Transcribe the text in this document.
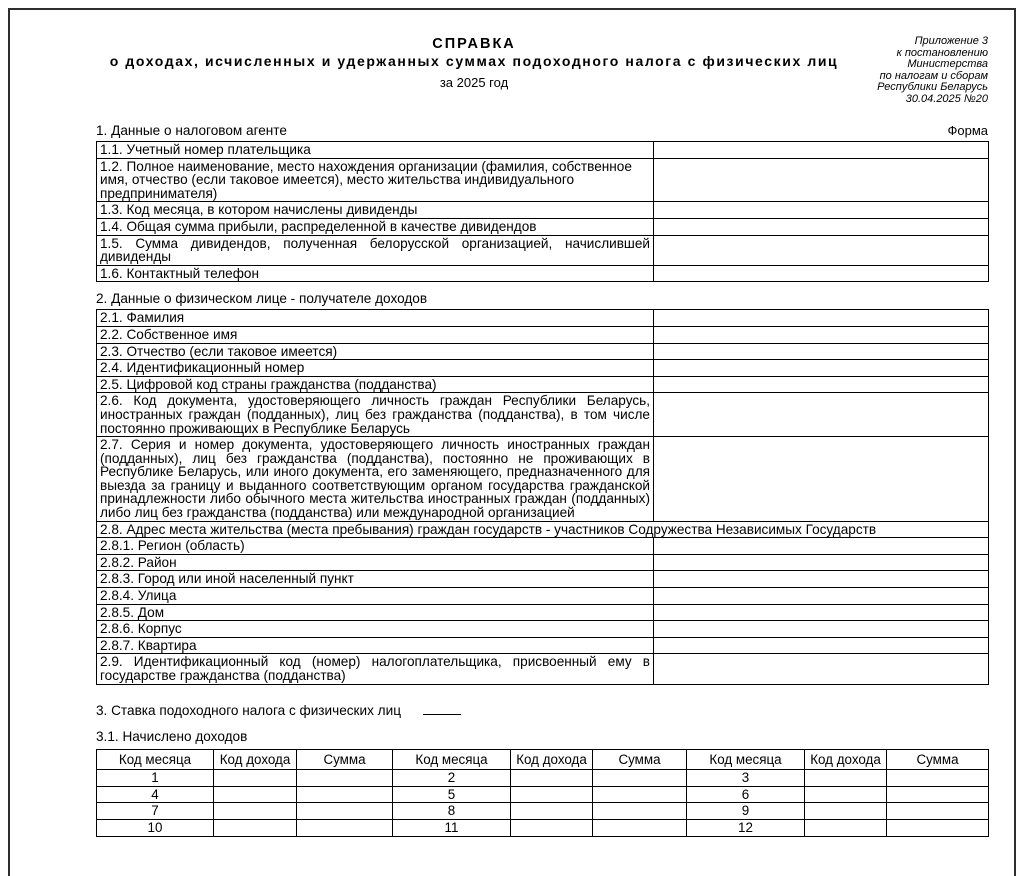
СПРАВКА
о доходах, исчисленных и удержанных суммах подоходного налога с физических лиц
за 2025 год
Приложение 3
к постановлению
Министерства
по налогам и сборам
Республики Беларусь
30.04.2025 №20
1. Данные о налоговом агенте	Форма
1.1. Учетный номер плательщика	
1.2. Полное наименование, место нахождения организации (фамилия, собственное имя, отчество (если таковое имеется), место жительства индивидуального предпринимателя)	
1.3. Код месяца, в котором начислены дивиденды	
1.4. Общая сумма прибыли, распределенной в качестве дивидендов	
1.5. Сумма дивидендов, полученная белорусской организацией, начислившей дивиденды	
1.6. Контактный телефон	
2. Данные о физическом лице - получателе доходов
2.1. Фамилия	
2.2. Собственное имя	
2.3. Отчество (если таковое имеется)	
2.4. Идентификационный номер	
2.5. Цифровой код страны гражданства (подданства)	
2.6. Код документа, удостоверяющего личность граждан Республики Беларусь, иностранных граждан (подданных), лиц без гражданства (подданства), в том числе постоянно проживающих в Республике Беларусь	
2.7. Серия и номер документа, удостоверяющего личность иностранных граждан (подданных), лиц без гражданства (подданства), постоянно не проживающих в Республике Беларусь, или иного документа, его заменяющего, предназначенного для выезда за границу и выданного соответствующим органом государства гражданской принадлежности либо обычного места жительства иностранных граждан (подданных) либо лиц без гражданства (подданства) или международной организацией	
2.8. Адрес места жительства (места пребывания) граждан государств - участников Содружества Независимых Государств	
2.8.1. Регион (область)	
2.8.2. Район	
2.8.3. Город или иной населенный пункт	
2.8.4. Улица	
2.8.5. Дом	
2.8.6. Корпус	
2.8.7. Квартира	
2.9. Идентификационный код (номер) налогоплательщика, присвоенный ему в государстве гражданства (подданства)	
3. Ставка подоходного налога с физических лиц
3.1. Начислено доходов
Код месяца	Код дохода	Сумма	Код месяца	Код дохода	Сумма	Код месяца	Код дохода	Сумма
1			2			3		
4			5			6		
7			8			9		
10			11			12		
